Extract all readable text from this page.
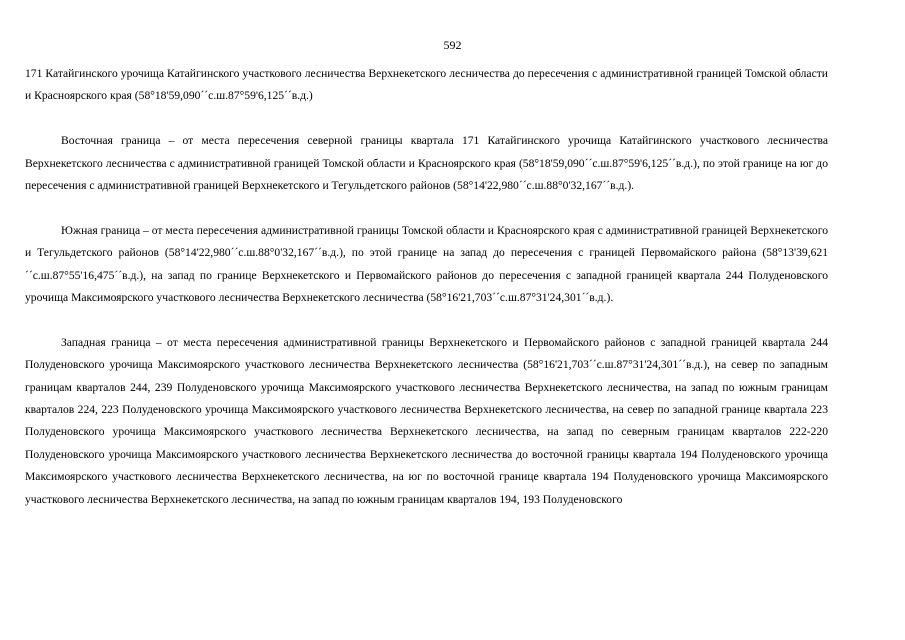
592

171 Катайгинского урочища Катайгинского участкового лесничества Верхнекетского лесничества до пересечения с административной границей Томской области и Красноярского края (58°18'59,090´´с.ш.87°59'6,125´´в.д.)

Восточная граница – от места пересечения северной границы квартала 171 Катайгинского урочища Катайгинского участкового лесничества Верхнекетского лесничества с административной границей Томской области и Красноярского края (58°18'59,090´´с.ш.87°59'6,125´´в.д.), по этой границе на юг до пересечения с административной границей Верхнекетского и Тегульдетского районов (58°14'22,980´´с.ш.88°0'32,167´´в.д.).

Южная граница – от места пересечения административной границы Томской области и Красноярского края с административной границей Верхнекетского и Тегульдетского районов (58°14'22,980´´с.ш.88°0'32,167´´в.д.), по этой границе на запад до пересечения с границей Первомайского района (58°13'39,621´´с.ш.87°55'16,475´´в.д.), на запад по границе Верхнекетского и Первомайского районов до пересечения с западной границей квартала 244 Полуденовского урочища Максимоярского участкового лесничества Верхнекетского лесничества (58°16'21,703´´с.ш.87°31'24,301´´в.д.).

Западная граница – от места пересечения административной границы Верхнекетского и Первомайского районов с западной границей квартала 244 Полуденовского урочища Максимоярского участкового лесничества Верхнекетского лесничества (58°16'21,703´´с.ш.87°31'24,301´´в.д.), на север по западным границам кварталов 244, 239 Полуденовского урочища Максимоярского участкового лесничества Верхнекетского лесничества, на запад по южным границам кварталов 224, 223 Полуденовского урочища Максимоярского участкового лесничества Верхнекетского лесничества, на север по западной границе квартала 223 Полуденовского урочища Максимоярского участкового лесничества Верхнекетского лесничества, на запад по северным границам кварталов 222-220 Полуденовского урочища Максимоярского участкового лесничества Верхнекетского лесничества до восточной границы квартала 194 Полуденовского урочища Максимоярского участкового лесничества Верхнекетского лесничества, на юг по восточной границе квартала 194 Полуденовского урочища Максимоярского участкового лесничества Верхнекетского лесничества, на запад по южным границам кварталов 194, 193 Полуденовского
